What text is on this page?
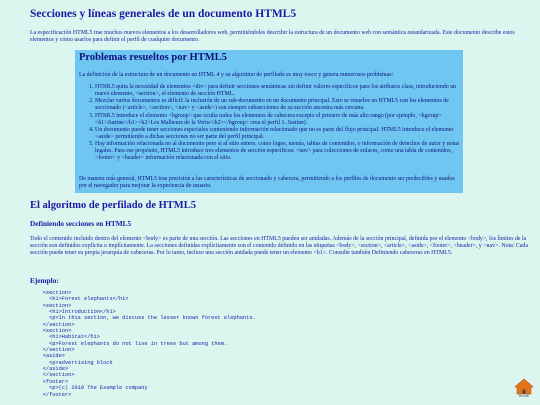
Secciones y líneas generales de un documento HTML5

La especificación HTML5 trae muchos nuevos elementos a los desarrolladores web, permitiéndoles describir la estructura de un documento web con semántica estandarizada. Este documento describe estos elementos y cómo usarlos para definir el perfil de cualquier documento.

Problemas resueltos por HTML5

La definición de la estructura de un documento en HTML 4 y su algoritmo de perfilado es muy tosco y genera numerosos problemas:

1. HTML5 quita la necesidad de elementos <div> para definir secciones semánticas sin definir valores específicos para los atributos class, introduciendo un nuevo elemento, <section>, el elemento de sección HTML.
2. Mezclar varios documentos es difícil: la inclusión de un sub-documento en un documento principal. Esto se resuelve en HTML5 con los elementos de seccionado (<article>, <section>, <nav> y <aside>) son siempre subsecciones de su sección ancestra más cercana.
3. HTML5 introduce el elemento <hgroup> que oculta todos los elementos de cabecera excepto el primero de más alto rango (por ejemplo, <hgroup><h1>Justine</h1><h2>Les Malheurs de la Vertu</h2></hgroup> crea el perfil 1. Justine).
4. Un documento puede tener secciones especiales conteniendo información relacionado que no es parte del flujo principal. HTML5 introduce el elemento <aside> permitiendo a dichas secciones no ser parte del perfil principal.
5. Hay información relacionada no al documento pero si al sitio entero, como logos, menús, tablas de contenidos, o información de derechos de autor y notas legales. Para ese propósito, HTML5 introduce tres elementos de sección específicos: <nav> para colecciones de enlaces, como una tabla de contenidos, <footer> y <header> información relacionada con el sitio.

De manera más general, HTML5 trae precisión a las características de seccionado y cabecera, permitiendo a los perfiles de documento ser predecibles y usados por el navegador para mejorar la experiencia de usuario.

El algoritmo de perfilado de HTML5
Definiendo secciones en HTML5

Todo el contenido incluido dentro del elemento <body> es parte de una sección. Las secciones en HTML5 pueden ser anidadas. Además de la sección principal, definida por el elemento <body>, los límites de la sección son definidos explícita o implícitamente. La secciones definidas explícitamente son el contenido definido en las etiquetas <body>, <section>, <article>, <aside>, <footer>, <header>, y <nav>. Nota: Cada sección puede tener su propia jerarquía de cabeceras. Por lo tanto, incluso una sección anidada puede tener un elemento <h1>. Consulte también Definiendo cabeceras en HTML5.

Ejemplo:
<section>
<h1>Forest elephants</h1>
<section>
<h1>Introduction</h1>
<p>In this section, we discuss the lesser known forest elephants.
</section>
<section>
<h1>Habitat</h1>
<p>Forest elephants do not live in trees but among them.
</section>
<aside>
<p>advertising block
</aside>
</section>
<footer>
<p>(c) 2010 The Example company
</footer>	HOME
